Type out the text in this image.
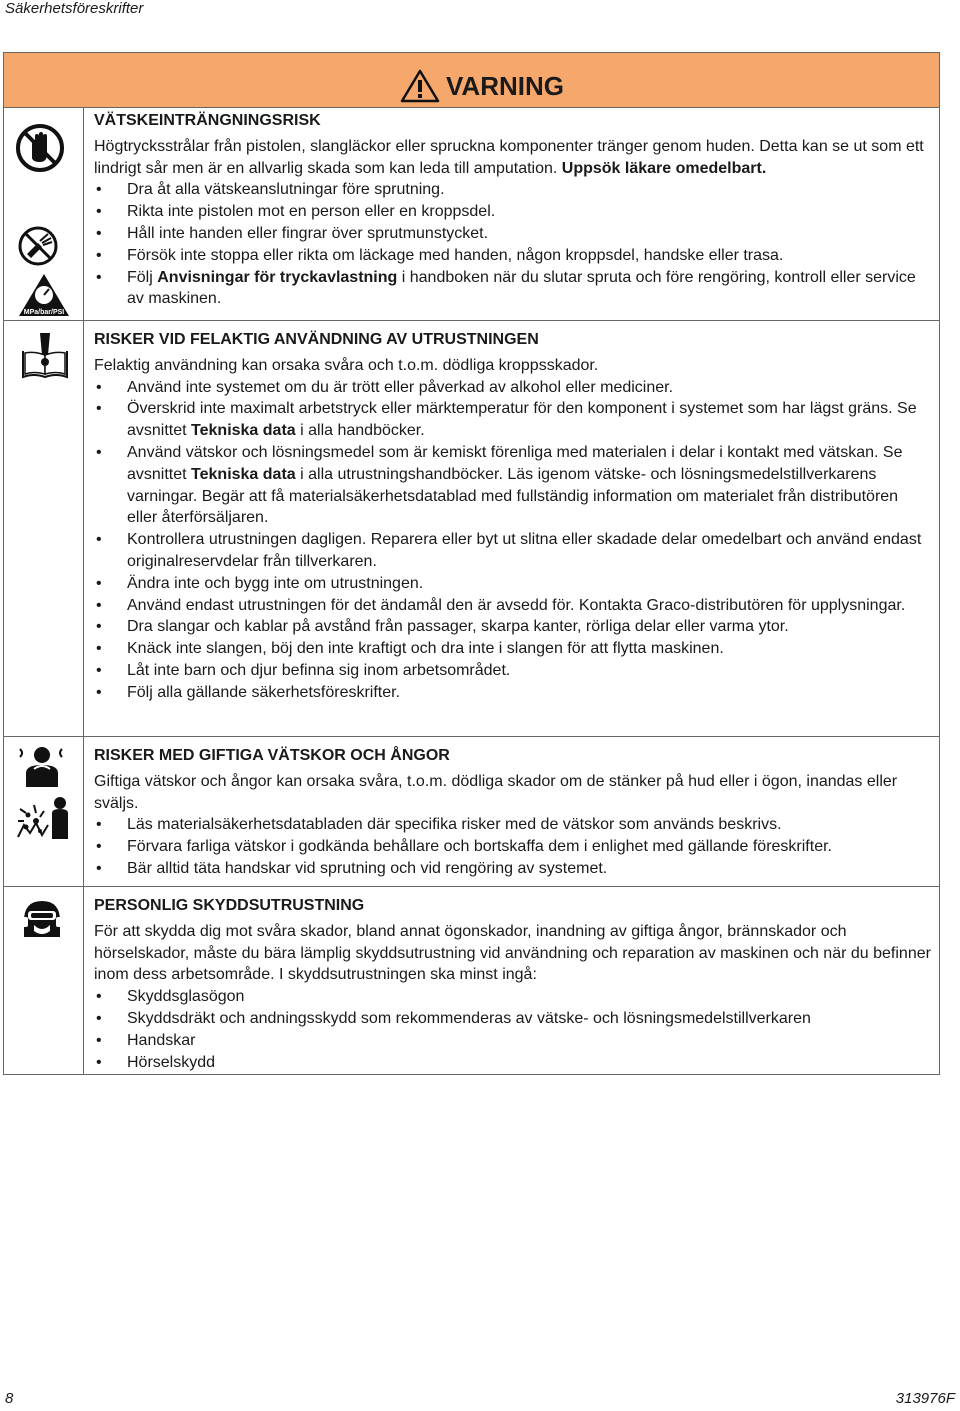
Säkerhetsföreskrifter
VARNING
MPa/bar/PSI
VÄTSKEINTRÄNGNINGSRISK

Högtrycksstrålar från pistolen, slangläckor eller spruckna komponenter tränger genom huden. Detta kan se ut som ett lindrigt sår men är en allvarlig skada som kan leda till amputation. Uppsök läkare omedelbart.

• Dra åt alla vätskeanslutningar före sprutning.
• Rikta inte pistolen mot en person eller en kroppsdel.
• Håll inte handen eller fingrar över sprutmunstycket.
• Försök inte stoppa eller rikta om läckage med handen, någon kroppsdel, handske eller trasa.
• Följ Anvisningar för tryckavlastning i handboken när du slutar spruta och före rengöring, kontroll eller service av maskinen.
RISKER VID FELAKTIG ANVÄNDNING AV UTRUSTNINGEN

Felaktig användning kan orsaka svåra och t.o.m. dödliga kroppsskador.

• Använd inte systemet om du är trött eller påverkad av alkohol eller mediciner.
• Överskrid inte maximalt arbetstryck eller märktemperatur för den komponent i systemet som har lägst gräns. Se avsnittet Tekniska data i alla handböcker.
• Använd vätskor och lösningsmedel som är kemiskt förenliga med materialen i delar i kontakt med vätskan. Se avsnittet Tekniska data i alla utrustningshandböcker. Läs igenom vätske- och lösningsmedelstillverkarens varningar. Begär att få materialsäkerhetsdatablad med fullständig information om materialet från distributören eller återförsäljaren.
• Kontrollera utrustningen dagligen. Reparera eller byt ut slitna eller skadade delar omedelbart och använd endast originalreservdelar från tillverkaren.
• Ändra inte och bygg inte om utrustningen.
• Använd endast utrustningen för det ändamål den är avsedd för. Kontakta Graco-distributören för upplysningar.
• Dra slangar och kablar på avstånd från passager, skarpa kanter, rörliga delar eller varma ytor.
• Knäck inte slangen, böj den inte kraftigt och dra inte i slangen för att flytta maskinen.
• Låt inte barn och djur befinna sig inom arbetsområdet.
• Följ alla gällande säkerhetsföreskrifter.
RISKER MED GIFTIGA VÄTSKOR OCH ÅNGOR

Giftiga vätskor och ångor kan orsaka svåra, t.o.m. dödliga skador om de stänker på hud eller i ögon, inandas eller sväljs.

• Läs materialsäkerhetsdatabladen där specifika risker med de vätskor som används beskrivs.
• Förvara farliga vätskor i godkända behållare och bortskaffa dem i enlighet med gällande föreskrifter.
• Bär alltid täta handskar vid sprutning och vid rengöring av systemet.
PERSONLIG SKYDDSUTRUSTNING

För att skydda dig mot svåra skador, bland annat ögonskador, inandning av giftiga ångor, brännskador och hörselskador, måste du bära lämplig skyddsutrustning vid användning och reparation av maskinen och när du befinner inom dess arbetsområde. I skyddsutrustningen ska minst ingå:

• Skyddsglasögon
• Skyddsdräkt och andningsskydd som rekommenderas av vätske- och lösningsmedelstillverkaren
• Handskar
• Hörselskydd
8	313976F
